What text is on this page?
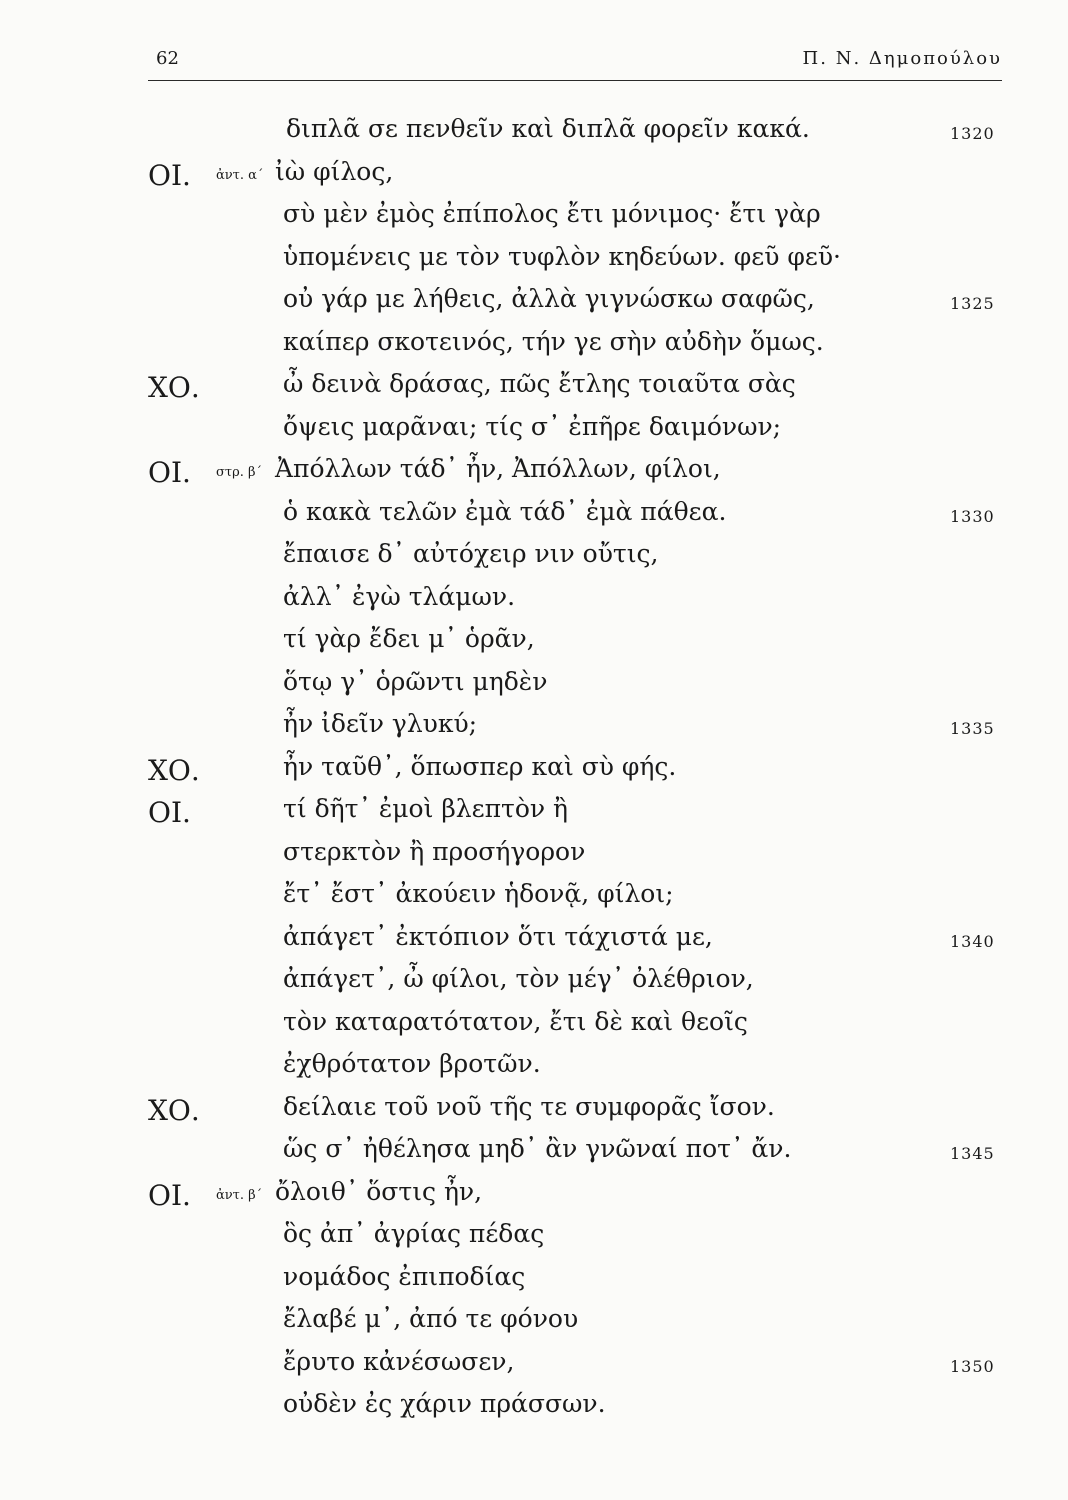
62	Π. Ν. Δημοπούλου
διπλᾶ σε πενθεῖν καὶ διπλᾶ φορεῖν κακά.	1320
ΟΙ. ἀντ. α΄ ἰὼ φίλος,
σὺ μὲν ἐμὸς ἐπίπολος ἔτι μόνιμος· ἔτι γὰρ
ὑπομένεις με τὸν τυφλὸν κηδεύων. φεῦ φεῦ·
οὐ γάρ με λήθεις, ἀλλὰ γιγνώσκω σαφῶς,	1325
καίπερ σκοτεινός, τήν γε σὴν αὐδὴν ὅμως.
ΧΟ.	ὦ δεινὰ δράσας, πῶς ἔτλης τοιαῦτα σὰς
ὄψεις μαρᾶναι; τίς σ᾽ ἐπῆρε δαιμόνων;
ΟΙ. στρ. β΄ Ἀπόλλων τάδ᾽ ἦν, Ἀπόλλων, φίλοι,
ὁ κακὰ τελῶν ἐμὰ τάδ᾽ ἐμὰ πάθεα.	1330
ἔπαισε δ᾽ αὐτόχειρ νιν οὔτις,
ἀλλ᾽ ἐγὼ τλάμων.
τί γὰρ ἔδει μ᾽ ὁρᾶν,
ὅτῳ γ᾽ ὁρῶντι μηδὲν
ἦν ἰδεῖν γλυκύ;	1335
ΧΟ.	ἦν ταῦθ᾽, ὅπωσπερ καὶ σὺ φής.
ΟΙ.	τί δῆτ᾽ ἐμοὶ βλεπτὸν ἢ
στερκτὸν ἢ προσήγορον
ἔτ᾽ ἔστ᾽ ἀκούειν ἡδονᾷ, φίλοι;
ἀπάγετ᾽ ἐκτόπιον ὅτι τάχιστά με,	1340
ἀπάγετ᾽, ὦ φίλοι, τὸν μέγ᾽ ὀλέθριον,
τὸν καταρατότατον, ἔτι δὲ καὶ θεοῖς
ἐχθρότατον βροτῶν.
ΧΟ.	δείλαιε τοῦ νοῦ τῆς τε συμφορᾶς ἴσον.
ὥς σ᾽ ἠθέλησα μηδ᾽ ἂν γνῶναί ποτ᾽ ἄν.	1345
ΟΙ. ἀντ. β΄ ὄλοιθ᾽ ὅστις ἦν,
ὃς ἀπ᾽ ἀγρίας πέδας
νομάδος ἐπιποδίας
ἔλαβέ μ᾽, ἀπό τε φόνου
ἔρυτο κἀνέσωσεν,	1350
οὐδὲν ἐς χάριν πράσσων.
